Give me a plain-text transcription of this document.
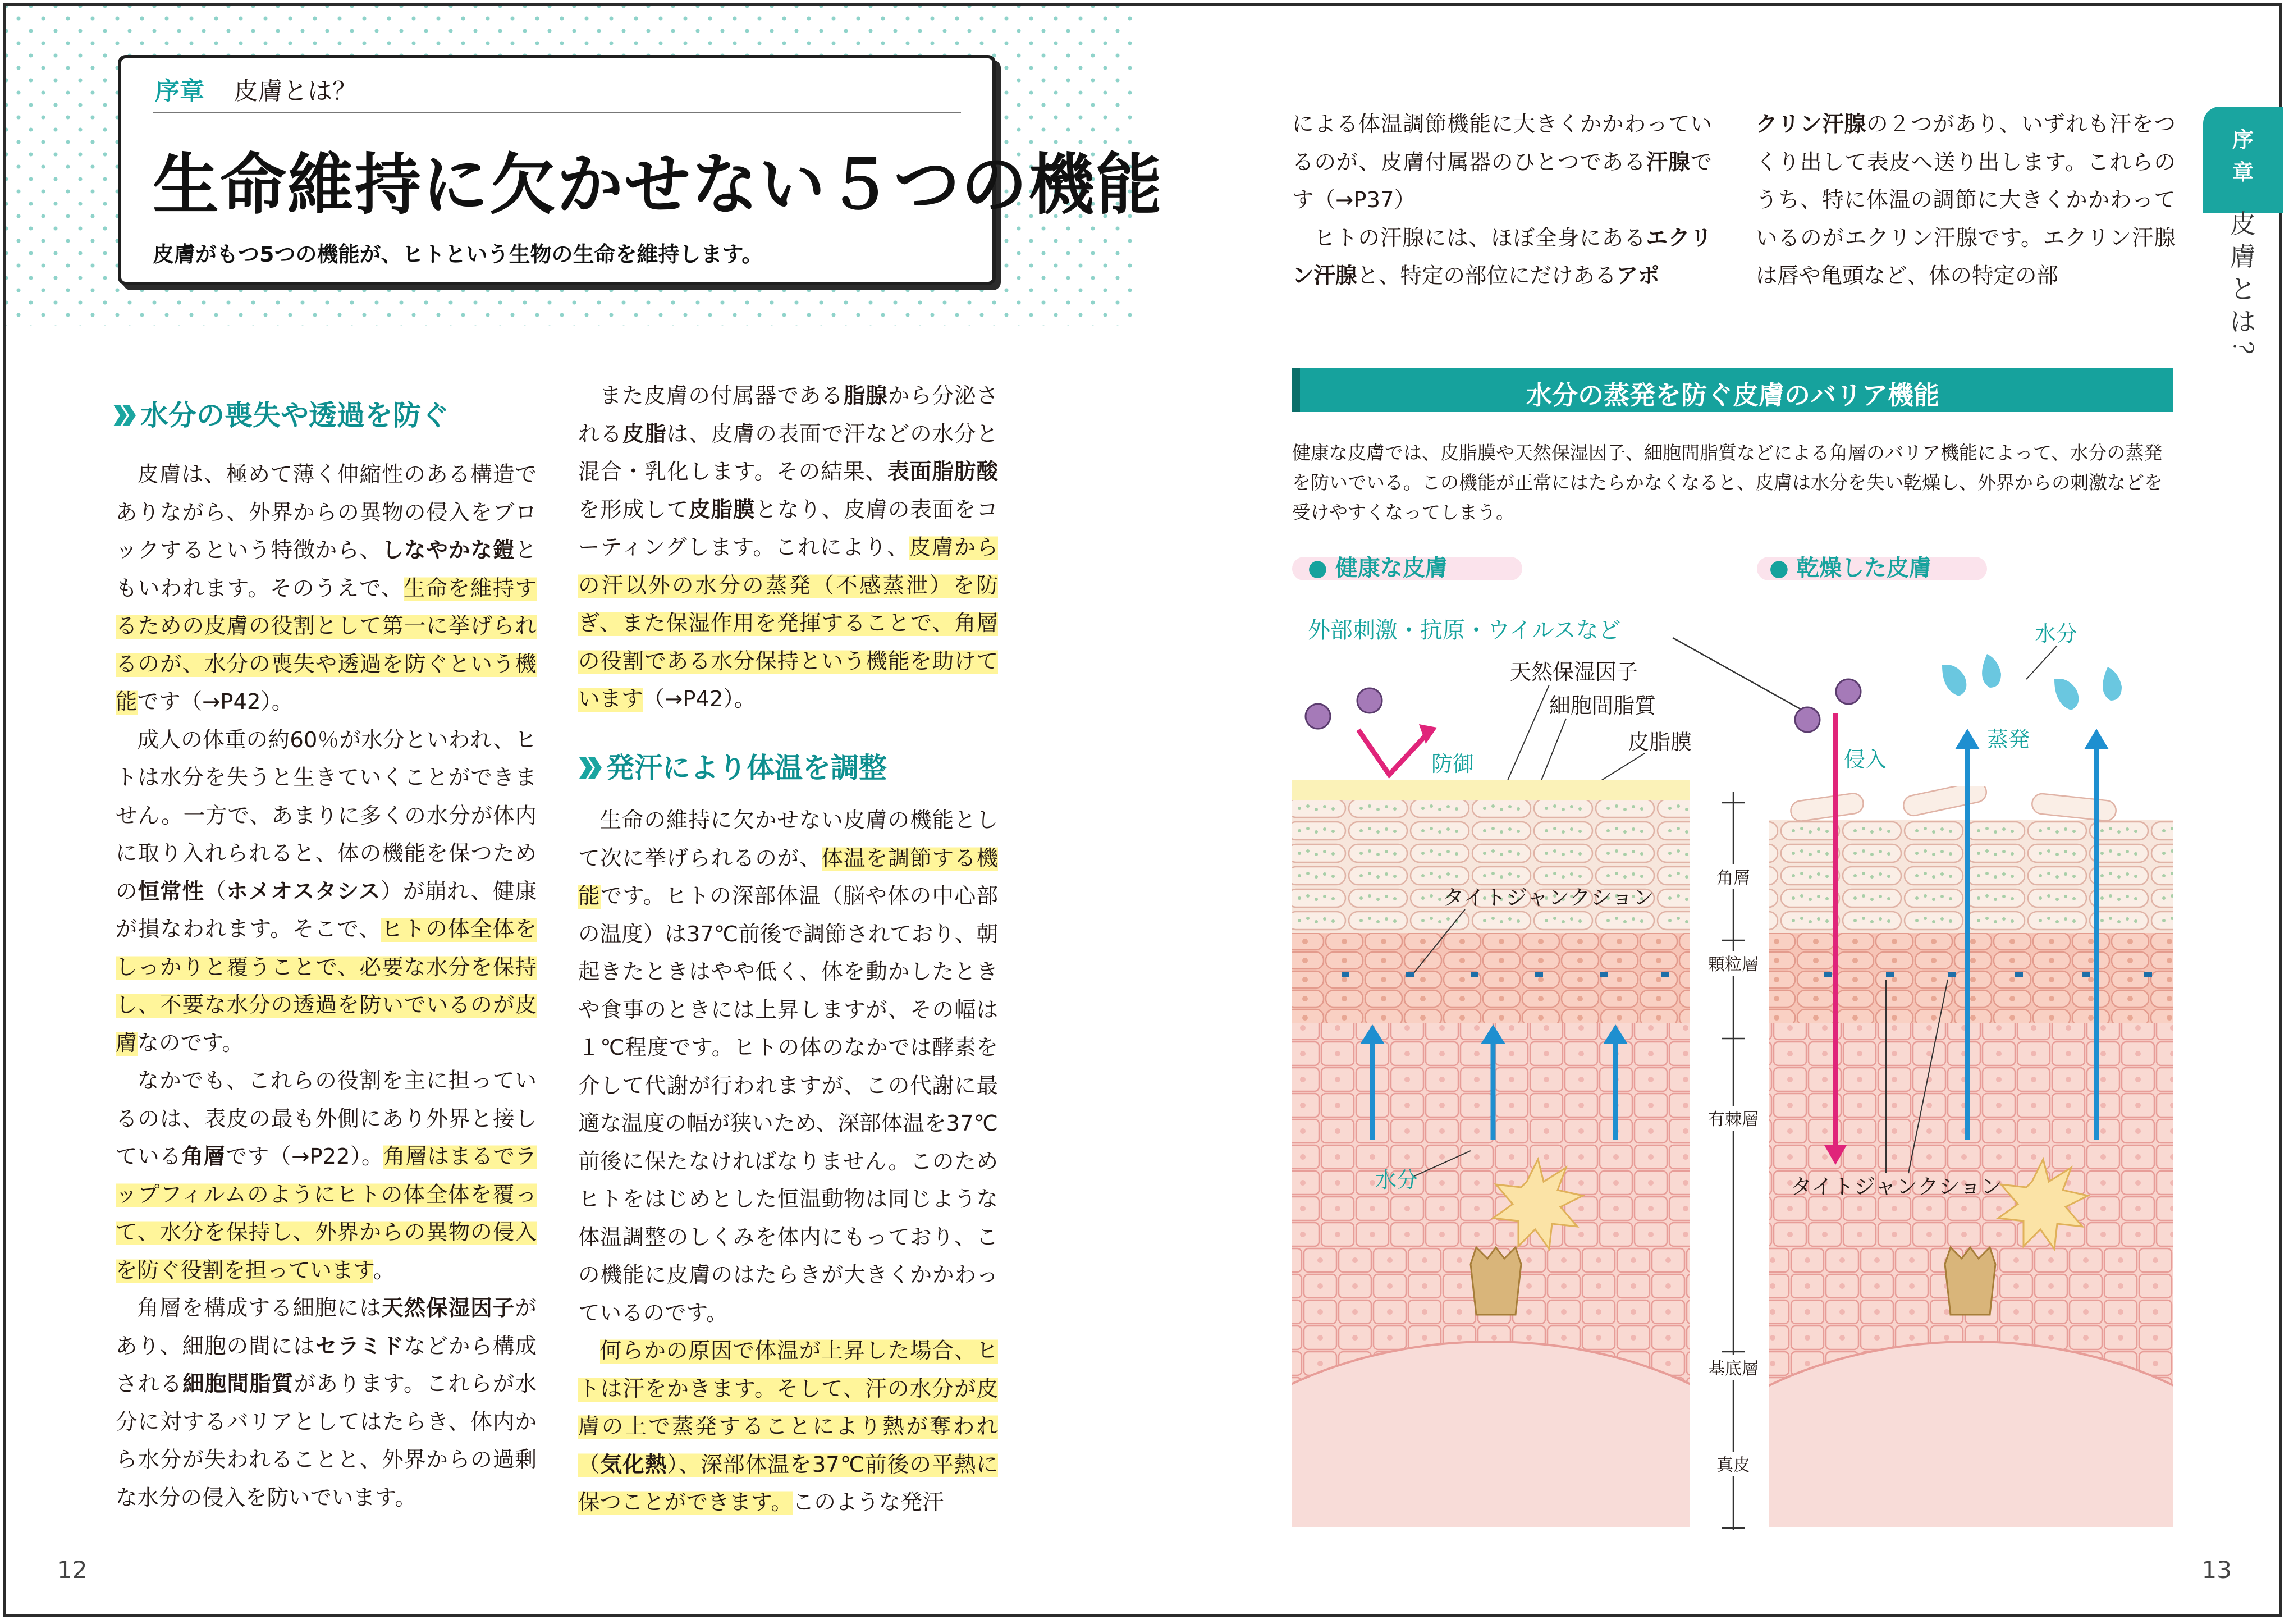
序章 皮膚とは？
生命維持に欠かせない５つの機能
皮膚がもつ5つの機能が、ヒトという生物の生命を維持します。
水分の喪失や透過を防ぐ

皮膚は、極めて薄く伸縮性のある構造でありながら、外界からの異物の侵入をブロックするという特徴から、しなやかな鎧ともいわれます。そのうえで、生命を維持するための皮膚の役割として第一に挙げられるのが、水分の喪失や透過を防ぐという機能です（→P42）。

成人の体重の約60％が水分といわれ、ヒトは水分を失うと生きていくことができません。一方で、あまりに多くの水分が体内に取り入れられると、体の機能を保つための恒常性（ホメオスタシス）が崩れ、健康が損なわれます。そこで、ヒトの体全体をしっかりと覆うことで、必要な水分を保持し、不要な水分の透過を防いでいるのが皮膚なのです。

なかでも、これらの役割を主に担っているのは、表皮の最も外側にあり外界と接している角層です（→P22）。角層はまるでラップフィルムのようにヒトの体全体を覆って、水分を保持し、外界からの異物の侵入を防ぐ役割を担っています。

角層を構成する細胞には天然保湿因子があり、細胞の間にはセラミドなどから構成される細胞間脂質があります。これらが水分に対するバリアとしてはたらき、体内から水分が失われることと、外界からの過剰な水分の侵入を防いでいます。

また皮膚の付属器である脂腺から分泌される皮脂は、皮膚の表面で汗などの水分と混合・乳化します。その結果、表面脂肪酸を形成して皮脂膜となり、皮膚の表面をコーティングします。これにより、皮膚からの汗以外の水分の蒸発（不感蒸泄）を防ぎ、また保湿作用を発揮することで、角層の役割である水分保持という機能を助けています（→P42）。

発汗により体温を調整

生命の維持に欠かせない皮膚の機能として次に挙げられるのが、体温を調節する機能です。ヒトの深部体温（脳や体の中心部の温度）は37℃前後で調節されており、朝起きたときはやや低く、体を動かしたときや食事のときには上昇しますが、その幅は１℃程度です。ヒトの体のなかでは酵素を介して代謝が行われますが、この代謝に最適な温度の幅が狭いため、深部体温を37℃前後に保たなければなりません。このためヒトをはじめとした恒温動物は同じような体温調整のしくみを体内にもっており、この機能に皮膚のはたらきが大きくかかわっているのです。

何らかの原因で体温が上昇した場合、ヒトは汗をかきます。そして、汗の水分が皮膚の上で蒸発することにより熱が奪われ（気化熱）、深部体温を37℃前後の平熱に保つことができます。このような発汗

12

による体温調節機能に大きくかかわっているのが、皮膚付属器のひとつである汗腺です（→P37）

ヒトの汗腺には、ほぼ全身にあるエクリン汗腺と、特定の部位にだけあるアポ

クリン汗腺の２つがあり、いずれも汗をつくり出して表皮へ送り出します。これらのうち、特に体温の調節に大きくかかわっているのがエクリン汗腺です。エクリン汗腺は唇や亀頭など、体の特定の部

序
章
皮
膚
と
は
？
水分の蒸発を防ぐ皮膚のバリア機能

健康な皮膚では、皮脂膜や天然保湿因子、細胞間脂質などによる角層のバリア機能によって、水分の蒸発を防いでいる。この機能が正常にはたらかなくなると、皮膚は水分を失い乾燥し、外界からの刺激などを受けやすくなってしまう。

● 健康な皮膚	● 乾燥した皮膚
外部刺激・抗原・ウイルスなど
天然保湿因子
細胞間脂質
皮脂膜
防御
水分
タイトジャンクション
角層
顆粒層
有棘層
基底層
真皮
侵入
蒸発
水分
タイトジャンクション
13
